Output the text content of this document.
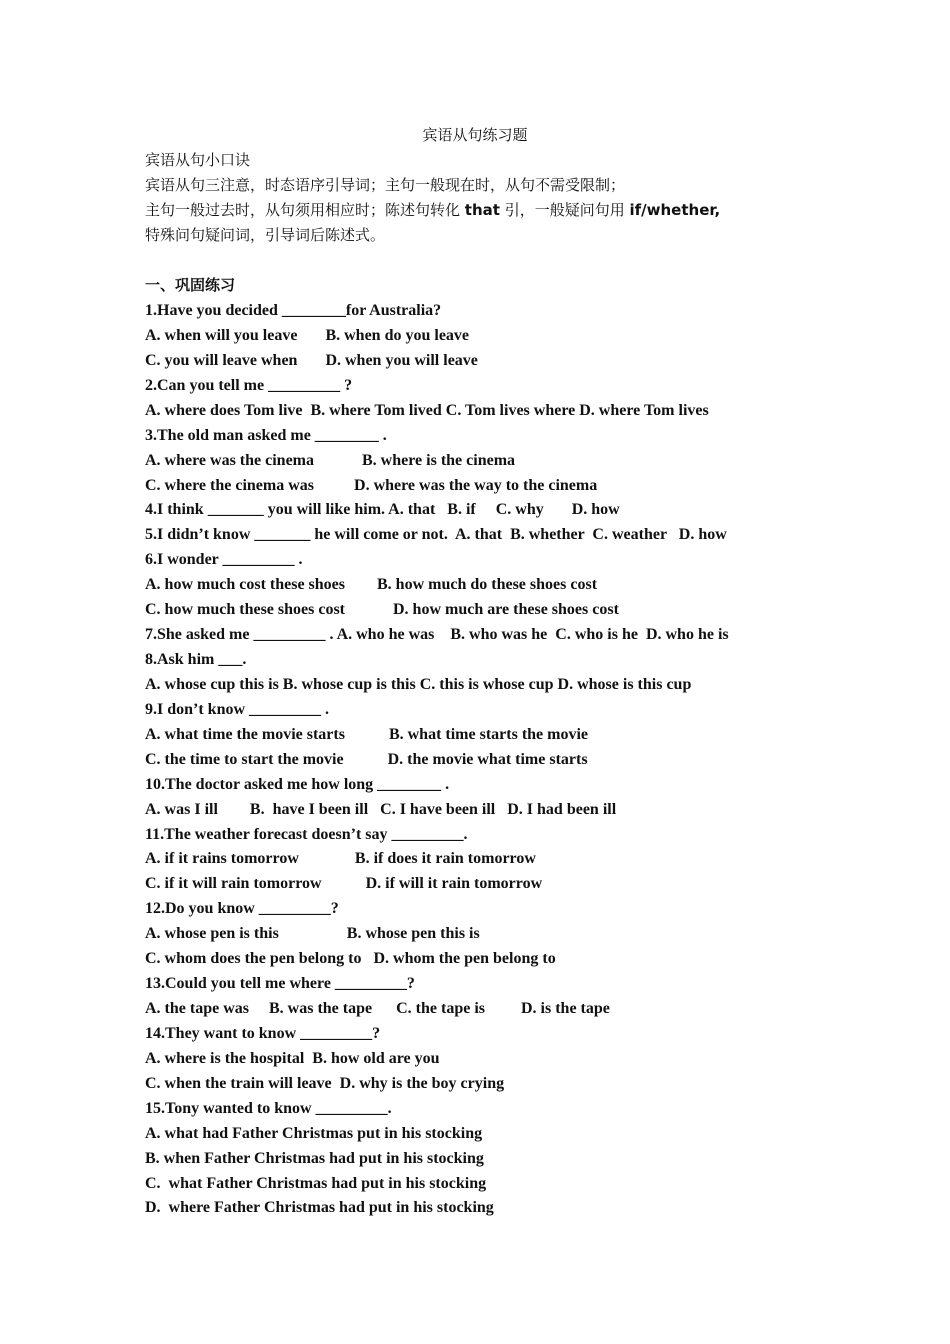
宾语从句练习题
宾语从句小口诀
宾语从句三注意，时态语序引导词；主句一般现在时，从句不需受限制；
主句一般过去时，从句须用相应时；陈述句转化 that 引，一般疑问句用 if/whether,
特殊问句疑问词，引导词后陈述式。
一、巩固练习
1.Have you decided ________for Australia?
A. when will you leave       B. when do you leave
C. you will leave when       D. when you will leave
2.Can you tell me _________ ?
A. where does Tom live  B. where Tom lived C. Tom lives where D. where Tom lives
3.The old man asked me ________ .
A. where was the cinema            B. where is the cinema
C. where the cinema was          D. where was the way to the cinema
4.I think _______ you will like him. A. that   B. if     C. why       D. how
5.I didn’t know _______ he will come or not.  A. that  B. whether  C. weather   D. how
6.I wonder _________ .
A. how much cost these shoes        B. how much do these shoes cost
C. how much these shoes cost            D. how much are these shoes cost
7.She asked me _________ . A. who he was    B. who was he  C. who is he  D. who he is
8.Ask him ___.
A. whose cup this is B. whose cup is this C. this is whose cup D. whose is this cup
9.I don’t know _________ .
A. what time the movie starts           B. what time starts the movie
C. the time to start the movie           D. the movie what time starts
10.The doctor asked me how long ________ .
A. was I ill        B.  have I been ill   C. I have been ill   D. I had been ill
11.The weather forecast doesn’t say _________.
A. if it rains tomorrow              B. if does it rain tomorrow
C. if it will rain tomorrow           D. if will it rain tomorrow
12.Do you know _________?
A. whose pen is this                 B. whose pen this is
C. whom does the pen belong to   D. whom the pen belong to
13.Could you tell me where _________?
A. the tape was     B. was the tape      C. the tape is         D. is the tape
14.They want to know _________?
A. where is the hospital  B. how old are you
C. when the train will leave  D. why is the boy crying
15.Tony wanted to know _________.
A. what had Father Christmas put in his stocking
B. when Father Christmas had put in his stocking
C.  what Father Christmas had put in his stocking
D.  where Father Christmas had put in his stocking
